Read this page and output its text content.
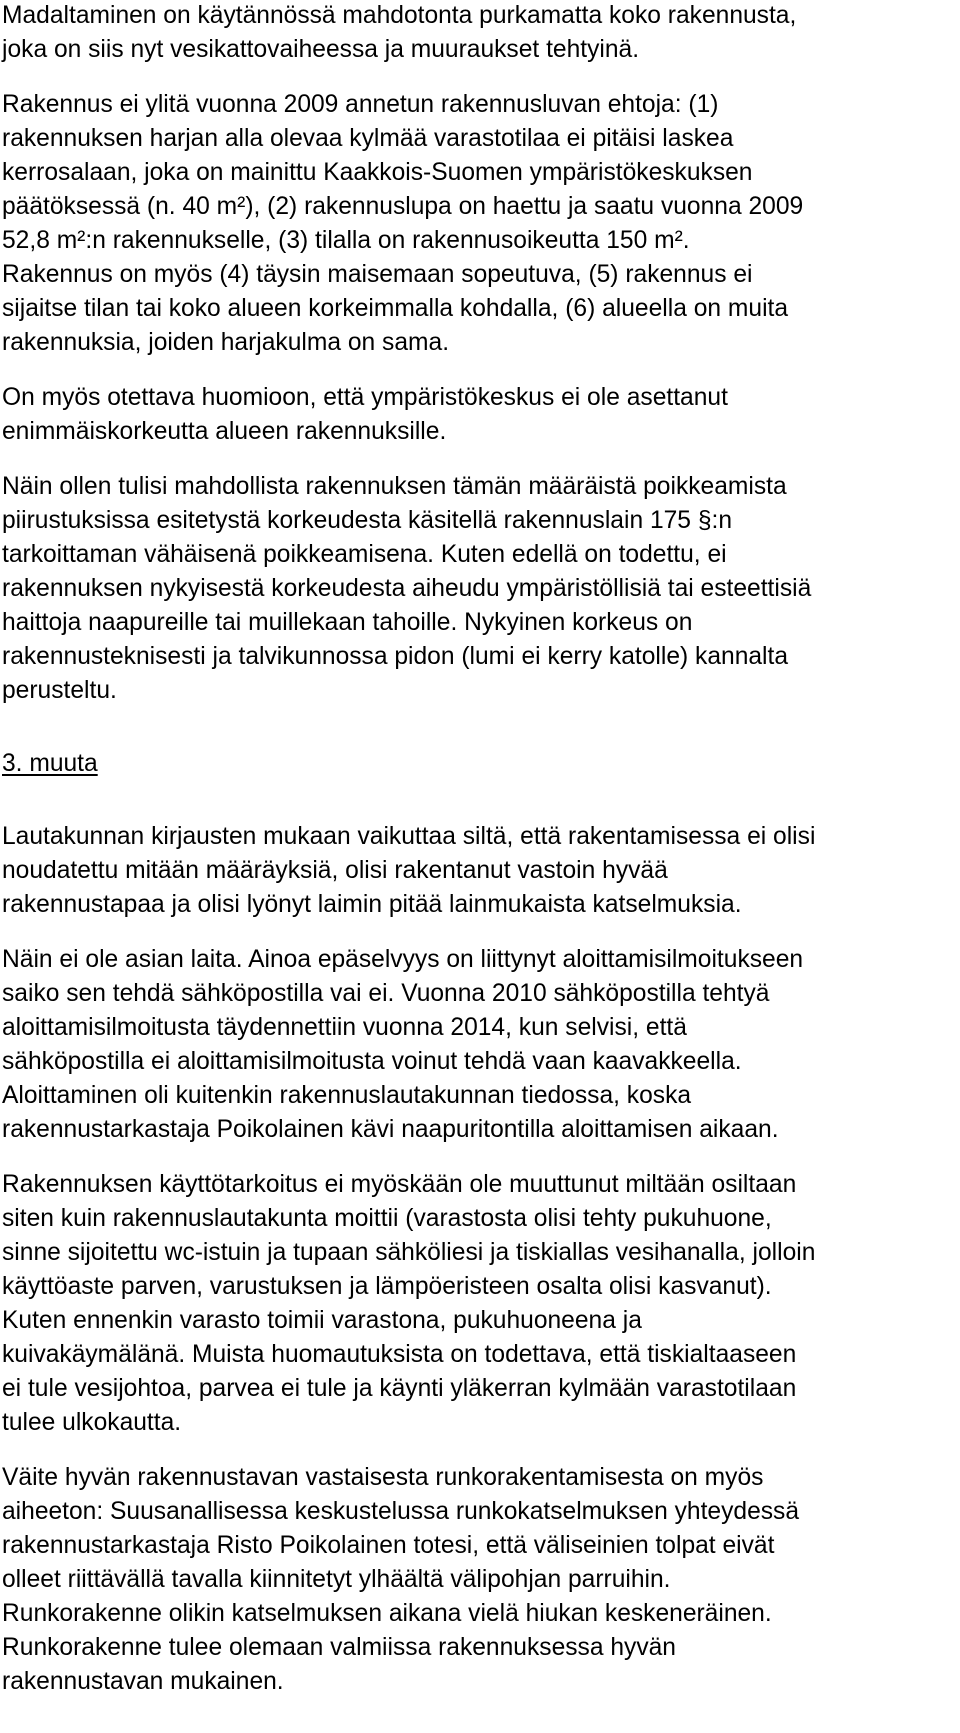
Madaltaminen on käytännössä mahdotonta purkamatta koko rakennusta,
joka on siis nyt vesikattovaiheessa ja muuraukset tehtyinä.
Rakennus ei ylitä vuonna 2009 annetun rakennusluvan ehtoja: (1)
rakennuksen harjan alla olevaa kylmää varastotilaa ei pitäisi laskea
kerrosalaan, joka on mainittu Kaakkois-Suomen ympäristökeskuksen
päätöksessä (n. 40 m²), (2) rakennuslupa on haettu ja saatu vuonna 2009
52,8 m²:n rakennukselle, (3) tilalla on rakennusoikeutta 150 m².
Rakennus on myös (4) täysin maisemaan sopeutuva, (5) rakennus ei
sijaitse tilan tai koko alueen korkeimmalla kohdalla, (6) alueella on muita
rakennuksia, joiden harjakulma on sama.
On myös otettava huomioon, että ympäristökeskus ei ole asettanut
enimmäiskorkeutta alueen rakennuksille.
Näin ollen tulisi mahdollista rakennuksen tämän määräistä poikkeamista
piirustuksissa esitetystä korkeudesta käsitellä rakennuslain 175 §:n
tarkoittaman vähäisenä poikkeamisena. Kuten edellä on todettu, ei
rakennuksen nykyisestä korkeudesta aiheudu ympäristöllisiä tai esteettisiä
haittoja naapureille tai muillekaan tahoille. Nykyinen korkeus on
rakennusteknisesti ja talvikunnossa pidon (lumi ei kerry katolle) kannalta
perusteltu.
3. muuta
Lautakunnan kirjausten mukaan vaikuttaa siltä, että rakentamisessa ei olisi
noudatettu mitään määräyksiä, olisi rakentanut vastoin hyvää
rakennustapaa ja olisi lyönyt laimin pitää lainmukaista katselmuksia.
Näin ei ole asian laita. Ainoa epäselvyys on liittynyt aloittamisilmoitukseen
saiko sen tehdä sähköpostilla vai ei. Vuonna 2010 sähköpostilla tehtyä
aloittamisilmoitusta täydennettiin vuonna 2014, kun selvisi, että
sähköpostilla ei aloittamisilmoitusta voinut tehdä vaan kaavakkeella.
Aloittaminen oli kuitenkin rakennuslautakunnan tiedossa, koska
rakennustarkastaja Poikolainen kävi naapuritontilla aloittamisen aikaan.
Rakennuksen käyttötarkoitus ei myöskään ole muuttunut miltään osiltaan
siten kuin rakennuslautakunta moittii (varastosta olisi tehty pukuhuone,
sinne sijoitettu wc-istuin ja tupaan sähköliesi ja tiskiallas vesihanalla, jolloin
käyttöaste parven, varustuksen ja lämpöeristeen osalta olisi kasvanut).
Kuten ennenkin varasto toimii varastona, pukuhuoneena ja
kuivakäymälänä. Muista huomautuksista on todettava, että tiskialtaaseen
ei tule vesijohtoa, parvea ei tule ja käynti yläkerran kylmään varastotilaan
tulee ulkokautta.
Väite hyvän rakennustavan vastaisesta runkorakentamisesta on myös
aiheeton: Suusanallisessa keskustelussa runkokatselmuksen yhteydessä
rakennustarkastaja Risto Poikolainen totesi, että väliseinien tolpat eivät
olleet riittävällä tavalla kiinnitetyt ylhäältä välipohjan parruihin.
Runkorakenne olikin katselmuksen aikana vielä hiukan keskeneräinen.
Runkorakenne tulee olemaan valmiissa rakennuksessa hyvän
rakennustavan mukainen.
